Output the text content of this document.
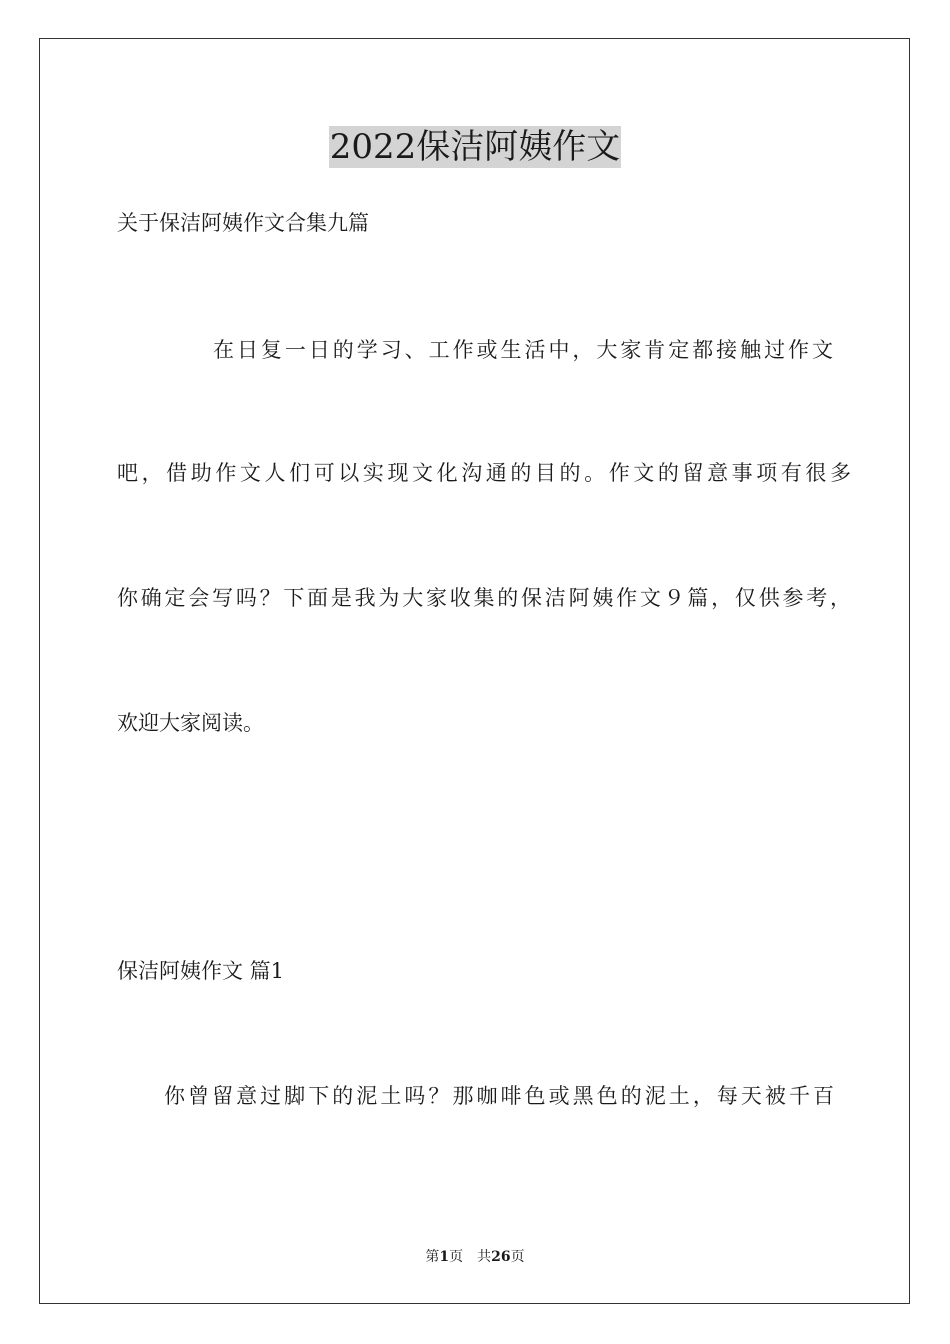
2022保洁阿姨作文

关于保洁阿姨作文合集九篇

在日复一日的学习、工作或生活中，大家肯定都接触过作文

吧，借助作文人们可以实现文化沟通的目的。作文的留意事项有很多

你确定会写吗？下面是我为大家收集的保洁阿姨作文９篇，仅供参考，

欢迎大家阅读。

保洁阿姨作文 篇1

你曾留意过脚下的泥土吗？那咖啡色或黑色的泥土，每天被千百

第1页 共26页
